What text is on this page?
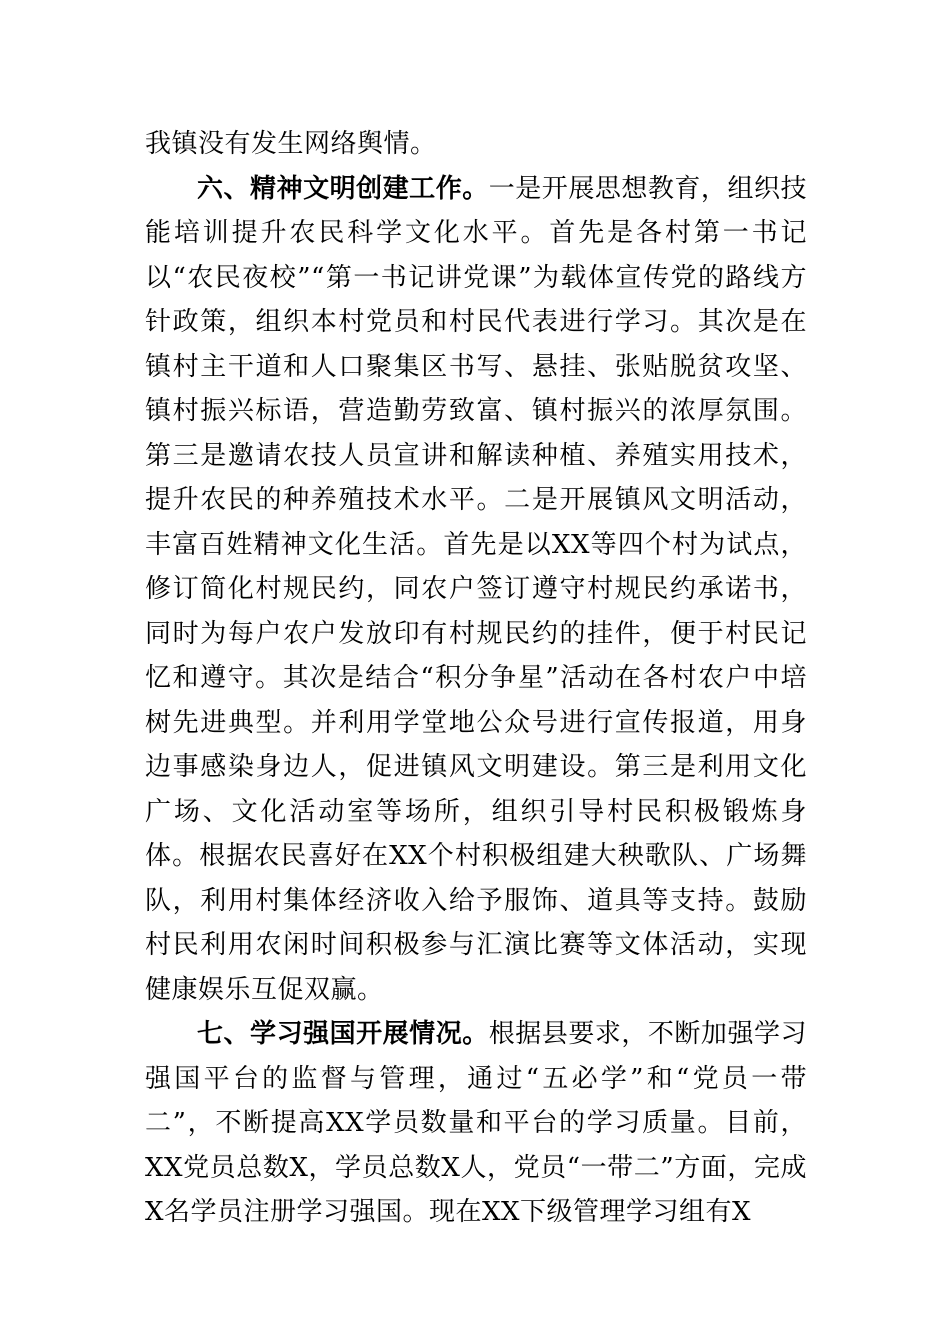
我镇没有发生网络舆情。

六、精神文明创建工作。一是开展思想教育，组织技能培训提升农民科学文化水平。首先是各村第一书记以“农民夜校”“第一书记讲党课”为载体宣传党的路线方针政策，组织本村党员和村民代表进行学习。其次是在镇村主干道和人口聚集区书写、悬挂、张贴脱贫攻坚、镇村振兴标语，营造勤劳致富、镇村振兴的浓厚氛围。第三是邀请农技人员宣讲和解读种植、养殖实用技术，提升农民的种养殖技术水平。二是开展镇风文明活动，丰富百姓精神文化生活。首先是以XX等四个村为试点，修订简化村规民约，同农户签订遵守村规民约承诺书，同时为每户农户发放印有村规民约的挂件，便于村民记忆和遵守。其次是结合“积分争星”活动在各村农户中培树先进典型。并利用学堂地公众号进行宣传报道，用身边事感染身边人，促进镇风文明建设。第三是利用文化广场、文化活动室等场所，组织引导村民积极锻炼身体。根据农民喜好在XX个村积极组建大秧歌队、广场舞队，利用村集体经济收入给予服饰、道具等支持。鼓励村民利用农闲时间积极参与汇演比赛等文体活动，实现健康娱乐互促双赢。

七、学习强国开展情况。根据县要求，不断加强学习强国平台的监督与管理，通过“五必学”和“党员一带二”，不断提高XX学员数量和平台的学习质量。目前，XX党员总数X，学员总数X人，党员“一带二”方面，完成X名学员注册学习强国。现在XX下级管理学习组有X
